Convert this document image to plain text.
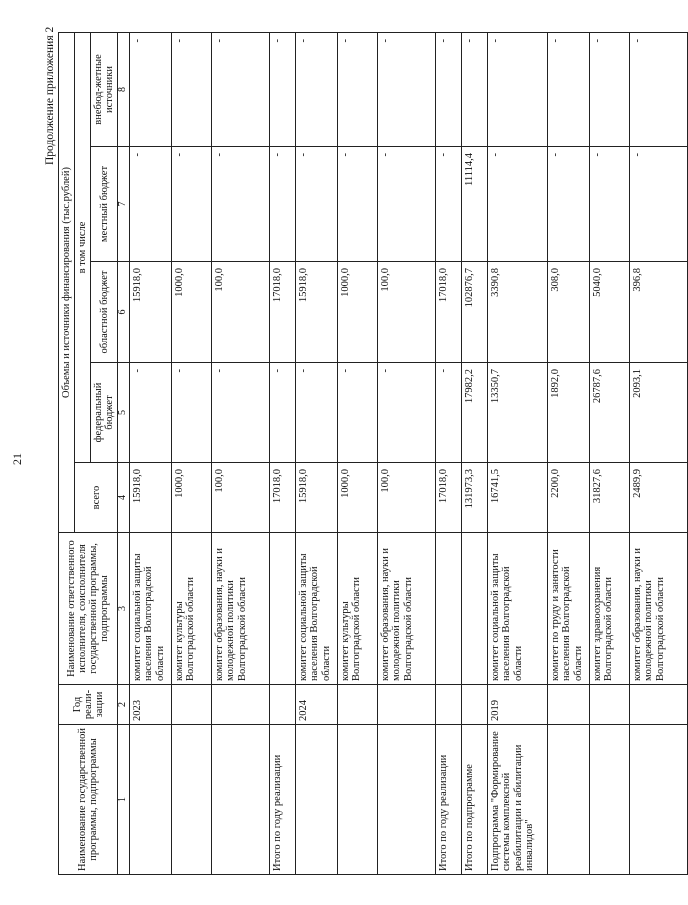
21
Продолжение приложения 2
Наименование государственной программы, подпрограммы	Год реали-зации	Наименование ответственного исполнителя, соисполнителя государственной программы, подпрограммы	Объемы и источники финансирования (тыс.рублей)				
			всего	в том числе			
				федеральный бюджет	областной бюджет	местный бюджет	внебюд-жетные источники
1	2	3	4	5	6	7	8
	2023	комитет социальной защиты населения Волгоградской области	15918,0	-	15918,0	-	-
		комитет культуры Волгоградской области	1000,0	-	1000,0	-	-
		комитет образования, науки и молодежной политики Волгоградской области	100,0	-	100,0	-	-
Итого по году реализации			17018,0	-	17018,0	-	-
	2024	комитет социальной защиты населения Волгоградской области	15918,0	-	15918,0	-	-
		комитет культуры Волгоградской области	1000,0	-	1000,0	-	-
		комитет образования, науки и молодежной политики Волгоградской области	100,0	-	100,0	-	-
Итого по году реализации			17018,0	-	17018,0	-	-
Итого по подпрограмме			131973,3	17982,2	102876,7	11114,4	-
Подпрограмма "Формирование системы комплексной реабилитации и абилитации инвалидов"	2019	комитет социальной защиты населения Волгоградской области	16741,5	13350,7	3390,8	-	-
		комитет по труду и занятости населения Волгоградской области	2200,0	1892,0	308,0	-	-
		комитет здравоохранения Волгоградской области	31827,6	26787,6	5040,0	-	-
		комитет образования, науки и молодежной политики Волгоградской области	2489,9	2093,1	396,8	-	-
